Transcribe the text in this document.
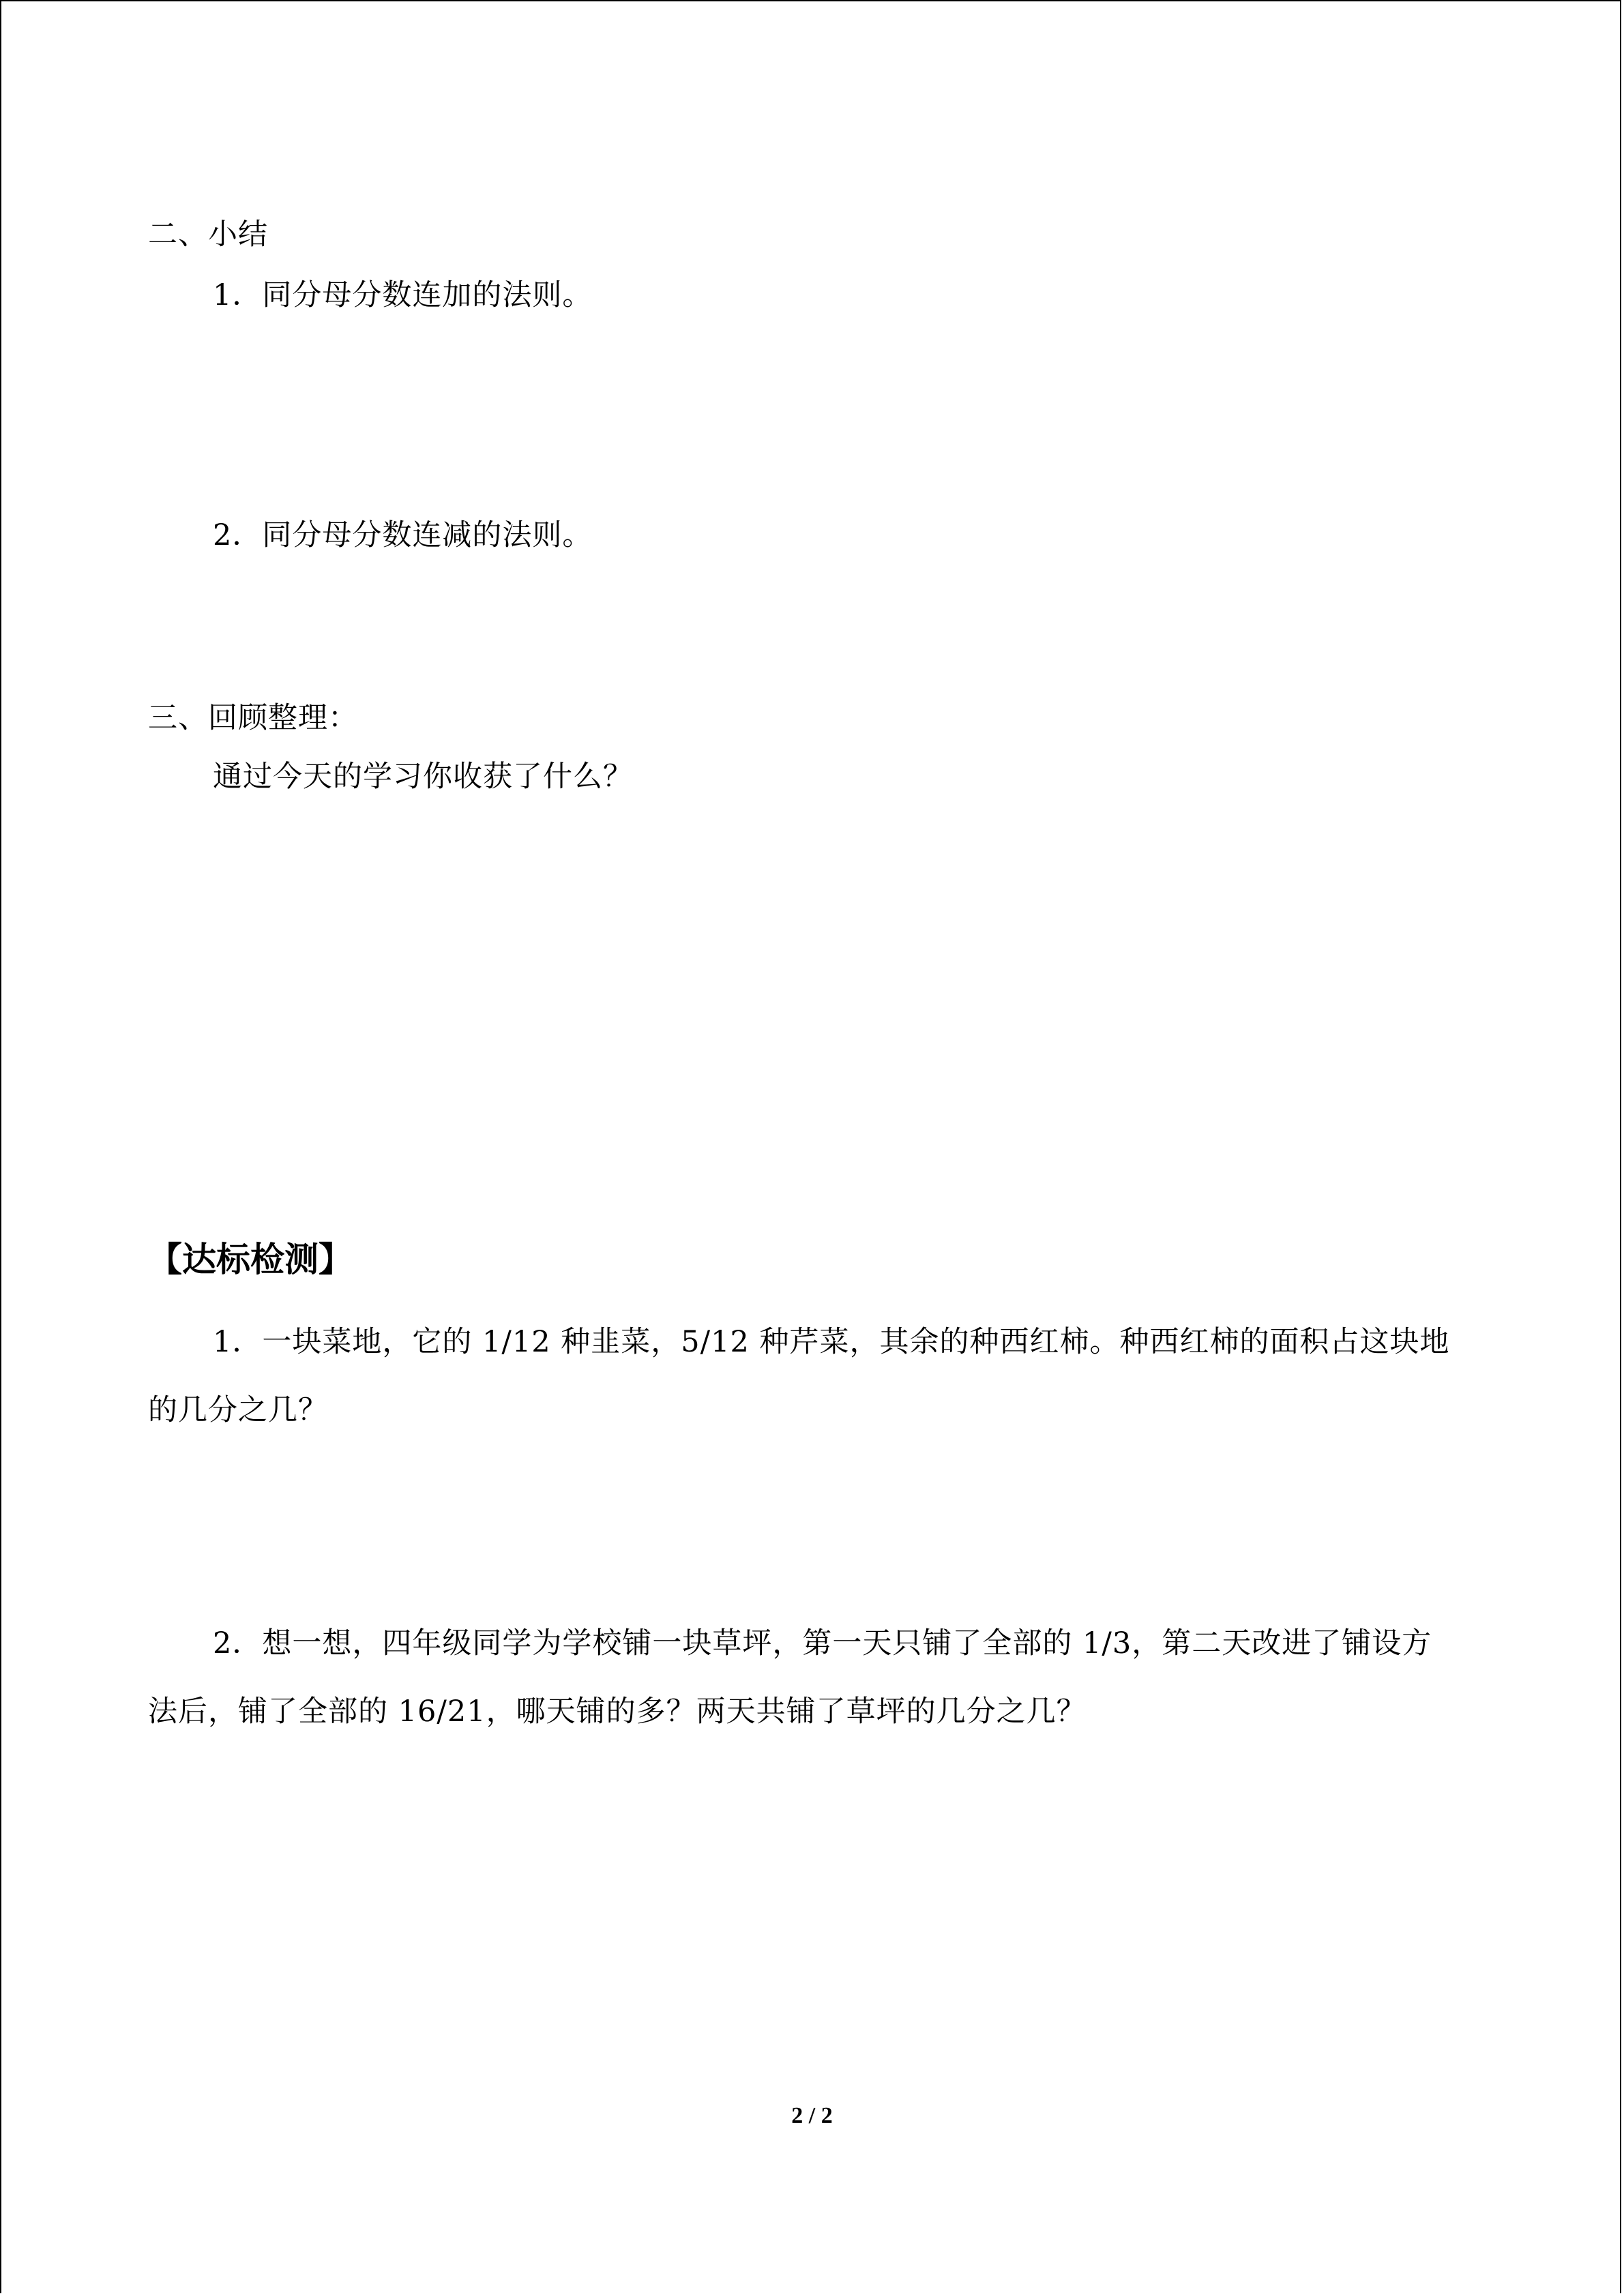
二、小结
1．同分母分数连加的法则。
2．同分母分数连减的法则。
三、回顾整理：
通过今天的学习你收获了什么？
【达标检测】

1．一块菜地，它的 1/12 种韭菜，5/12 种芹菜，其余的种西红柿。种西红柿的面积占这块地的几分之几？

2．想一想，四年级同学为学校铺一块草坪，第一天只铺了全部的 1/3，第二天改进了铺设方法后，铺了全部的 16/21，哪天铺的多？两天共铺了草坪的几分之几？

2 / 2
